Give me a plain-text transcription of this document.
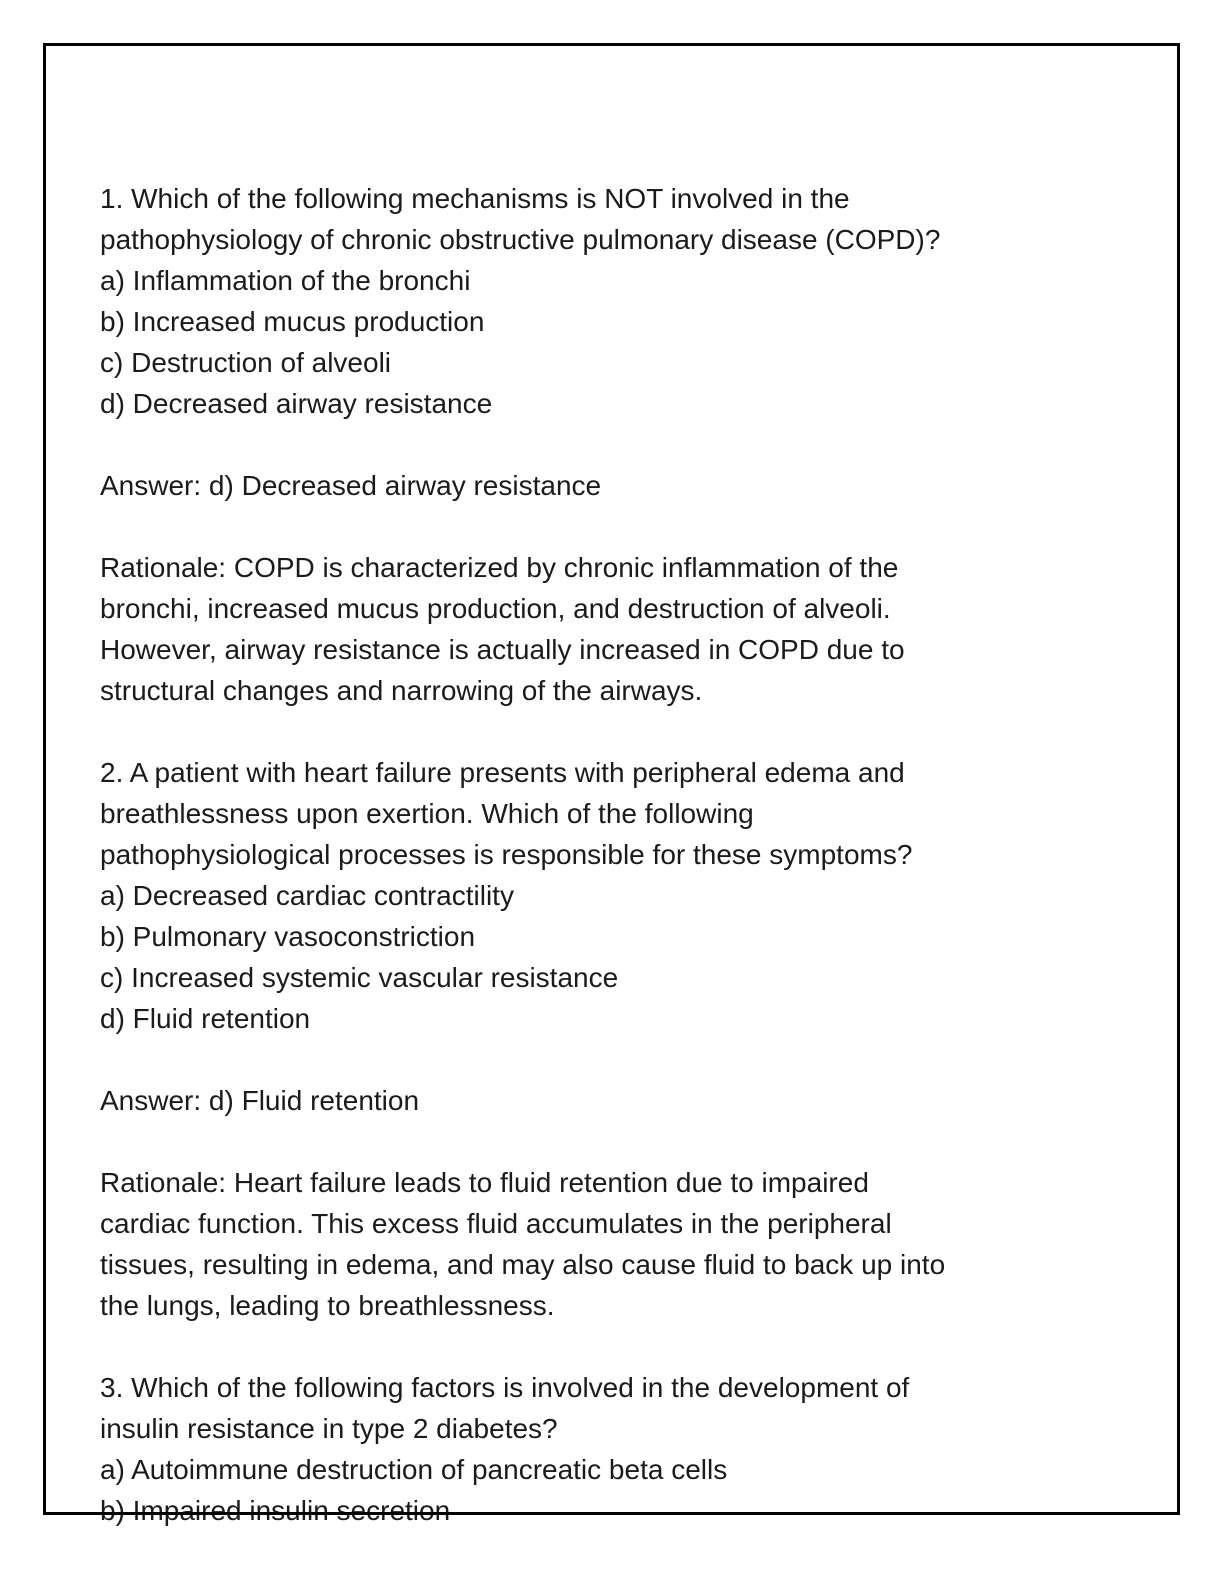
1. Which of the following mechanisms is NOT involved in the
pathophysiology of chronic obstructive pulmonary disease (COPD)?
a) Inflammation of the bronchi
b) Increased mucus production
c) Destruction of alveoli
d) Decreased airway resistance
Answer: d) Decreased airway resistance
Rationale: COPD is characterized by chronic inflammation of the
bronchi, increased mucus production, and destruction of alveoli.
However, airway resistance is actually increased in COPD due to
structural changes and narrowing of the airways.
2. A patient with heart failure presents with peripheral edema and
breathlessness upon exertion. Which of the following
pathophysiological processes is responsible for these symptoms?
a) Decreased cardiac contractility
b) Pulmonary vasoconstriction
c) Increased systemic vascular resistance
d) Fluid retention
Answer: d) Fluid retention
Rationale: Heart failure leads to fluid retention due to impaired
cardiac function. This excess fluid accumulates in the peripheral
tissues, resulting in edema, and may also cause fluid to back up into
the lungs, leading to breathlessness.
3. Which of the following factors is involved in the development of
insulin resistance in type 2 diabetes?
a) Autoimmune destruction of pancreatic beta cells
b) Impaired insulin secretion
